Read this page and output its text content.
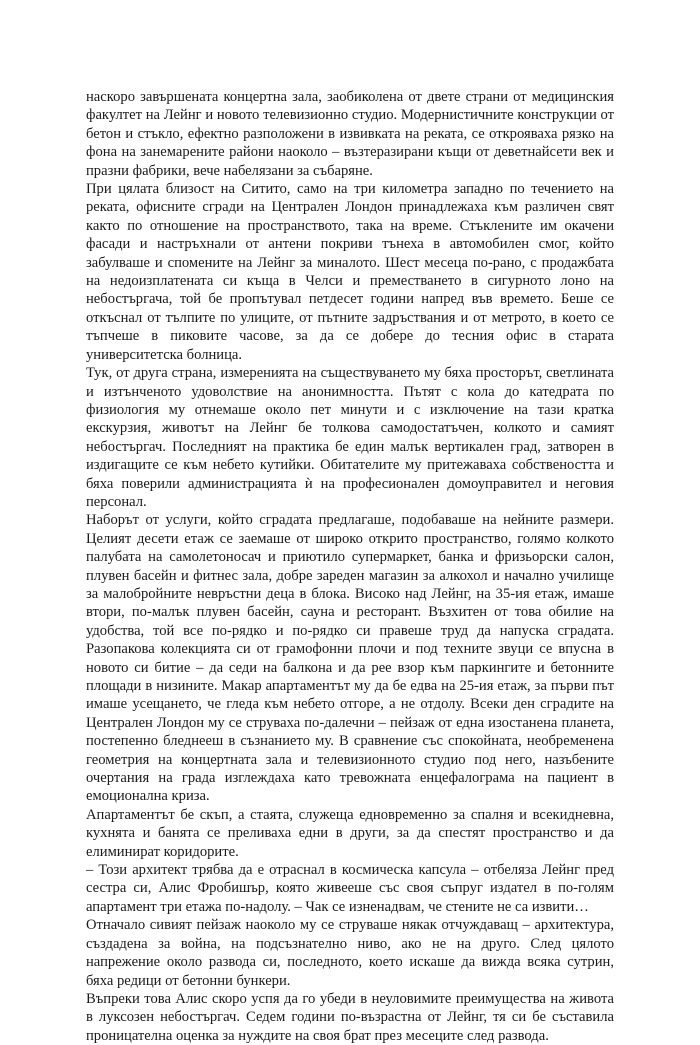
наскоро завършената концертна зала, заобиколена от двете страни от медицинския факултет на Лейнг и новото телевизионно студио. Модернистичните конструкции от бетон и стъкло, ефектно разположени в извивката на реката, се открояваха рязко на фона на занемарените райони наоколо – възтеразирани къщи от деветнайсети век и празни фабрики, вече набелязани за събаряне.

При цялата близост на Ситито, само на три километра западно по течението на реката, офисните сгради на Централен Лондон принадлежаха към различен свят както по отношение на пространството, така на време. Стъклените им окачени фасади и настръхнали от антени покриви тънеха в автомобилен смог, който забулваше и спомените на Лейнг за миналото. Шест месеца по-рано, с продажбата на недоизплатената си къща в Челси и преместването в сигурното лоно на небостъргача, той бе пропътувал петдесет години напред във времето. Беше се откъснал от тълпите по улиците, от пътните задръствания и от метрото, в което се тъпчеше в пиковите часове, за да се добере до тесния офис в старата университетска болница.

Тук, от друга страна, измеренията на съществуването му бяха просторът, светлината и изтънченото удоволствие на анонимността. Пътят с кола до катедрата по физиология му отнемаше около пет минути и с изключение на тази кратка екскурзия, животът на Лейнг бе толкова самодостатъчен, колкото и самият небостъргач. Последният на практика бе един малък вертикален град, затворен в издигащите се към небето кутийки. Обитателите му притежаваха собствеността и бяха поверили администрацията ѝ на професионален домоуправител и неговия персонал.

Наборът от услуги, който сградата предлагаше, подобаваше на нейните размери. Целият десети етаж се заемаше от широко открито пространство, голямо колкото палубата на самолетоносач и приютило супермаркет, банка и фризьорски салон, плувен басейн и фитнес зала, добре зареден магазин за алкохол и начално училище за малобройните невръстни деца в блока. Високо над Лейнг, на 35-ия етаж, имаше втори, по-малък плувен басейн, сауна и ресторант. Възхитен от това обилие на удобства, той все по-рядко и по-рядко си правеше труд да напуска сградата. Разопакова колекцията си от грамофонни плочи и под техните звуци се впусна в новото си битие – да седи на балкона и да рее взор към паркингите и бетонните площади в низините. Макар апартаментът му да бе едва на 25-ия етаж, за първи път имаше усещането, че гледа към небето отгоре, а не отдолу. Всеки ден сградите на Централен Лондон му се струваха по-далечни – пейзаж от една изостанена планета, постепенно бледнееш в съзнанието му. В сравнение със спокойната, необременена геометрия на концертната зала и телевизионното студио под него, назъбените очертания на града изглеждаха като тревожната енцефалограма на пациент в емоционална криза.

Апартаментът бе скъп, а стаята, служеща едновременно за спалня и всекидневна, кухнята и банята се преливаха едни в други, за да спестят пространство и да елиминират коридорите.

– Този архитект трябва да е отраснал в космическа капсула – отбеляза Лейнг пред сестра си, Алис Фробишър, която живееше със своя съпруг издател в по-голям апартамент три етажа по-надолу. – Чак се изненадвам, че стените не са извити…

Отначало сивият пейзаж наоколо му се струваше някак отчуждаващ – архитектура, създадена за война, на подсъзнателно ниво, ако не на друго. След цялото напрежение около развода си, последното, което искаше да вижда всяка сутрин, бяха редици от бетонни бункери.

Въпреки това Алис скоро успя да го убеди в неуловимите преимущества на живота в луксозен небостъргач. Седем години по-възрастна от Лейнг, тя си бе съставила проницателна оценка за нуждите на своя брат през месеците след развода.
